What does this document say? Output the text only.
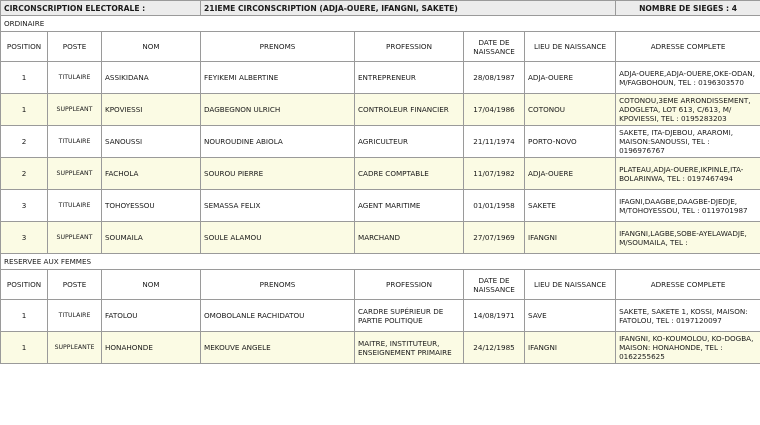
CIRCONSCRIPTION ELECTORALE :			21IEME CIRCONSCRIPTION (ADJA-OUERE, IFANGNI, SAKETE)				NOMBRE DE SIEGES : 4
ORDINAIRE							
POSITION	POSTE	NOM	PRENOMS	PROFESSION	DATE DE NAISSANCE	LIEU DE NAISSANCE	ADRESSE COMPLETE
1	TITULAIRE	ASSIKIDANA	FEYIKEMI ALBERTINE	ENTREPRENEUR	28/08/1987	ADJA-OUERE	ADJA-OUERE,ADJA-OUERE,OKE-ODAN, M/FAGBOHOUN, TEL : 0196303570
1	SUPPLEANT	KPOVIESSI	DAGBEGNON ULRICH	CONTROLEUR FINANCIER	17/04/1986	COTONOU	COTONOU,3EME ARRONDISSEMENT, ADOGLETA, LOT 613, C/613, M/ KPOVIESSI, TEL : 0195283203
2	TITULAIRE	SANOUSSI	NOUROUDINE ABIOLA	AGRICULTEUR	21/11/1974	PORTO-NOVO	SAKETE, ITA-DJEBOU, ARAROMI, MAISON:SANOUSSI, TEL : 0196976767
2	SUPPLEANT	FACHOLA	SOUROU PIERRE	CADRE COMPTABLE	11/07/1982	ADJA-OUERE	PLATEAU,ADJA-OUERE,IKPINLE,ITA-BOLARINWA, TEL : 0197467494
3	TITULAIRE	TOHOYESSOU	SEMASSA FELIX	AGENT MARITIME	01/01/1958	SAKETE	IFAGNI,DAAGBE,DAAGBE-DJEDJE, M/TOHOYESSOU, TEL : 0119701987
3	SUPPLEANT	SOUMAILA	SOULE ALAMOU	MARCHAND	27/07/1969	IFANGNI	IFANGNI,LAGBE,SOBE-AYELAWADJE, M/SOUMAILA, TEL :
RESERVEE AUX FEMMES							
POSITION	POSTE	NOM	PRENOMS	PROFESSION	DATE DE NAISSANCE	LIEU DE NAISSANCE	ADRESSE COMPLETE
1	TITULAIRE	FATOLOU	OMOBOLANLE RACHIDATOU	CARDRE SUPÉRIEUR DE PARTIE POLITIQUE	14/08/1971	SAVE	SAKETE, SAKETE 1, KOSSI, MAISON: FATOLOU, TEL : 0197120097
1	SUPPLEANTE	HONAHONDE	MEKOUVE ANGELE	MAITRE, INSTITUTEUR, ENSEIGNEMENT PRIMAIRE	24/12/1985	IFANGNI	IFANGNI, KO-KOUMOLOU, KO-DOGBA, MAISON: HONAHONDE, TEL : 0162255625
